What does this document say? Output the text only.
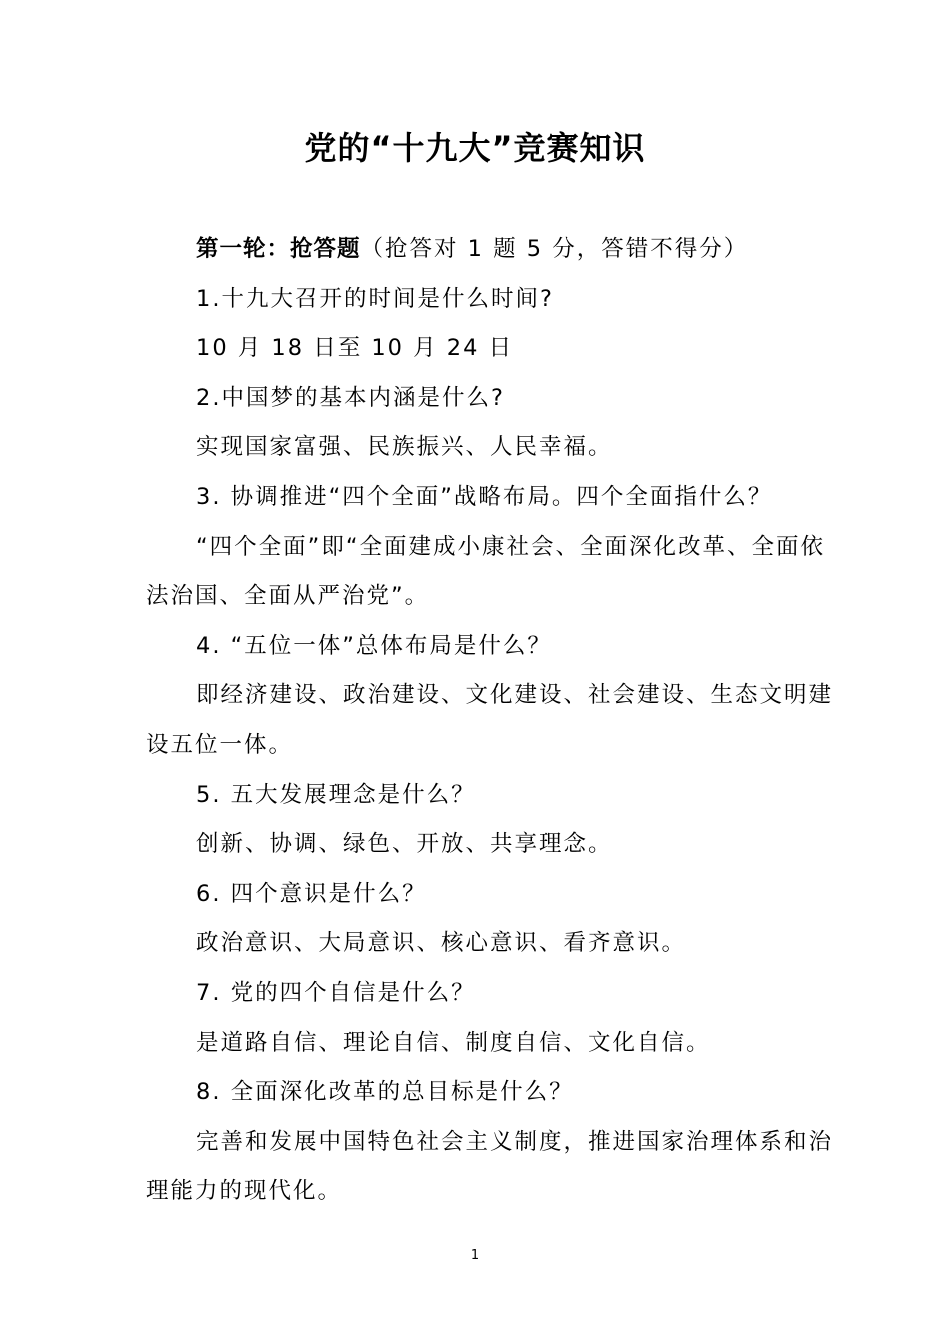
党的“十九大”竞赛知识
第一轮：抢答题（抢答对 1 题 5 分，答错不得分）
1.十九大召开的时间是什么时间?
10 月 18 日至 10 月 24 日
2.中国梦的基本内涵是什么?
实现国家富强、民族振兴、人民幸福。
3. 协调推进“四个全面”战略布局。四个全面指什么？
“四个全面”即“全面建成小康社会、全面深化改革、全面依法治国、全面从严治党”。
4. “五位一体”总体布局是什么？
即经济建设、政治建设、文化建设、社会建设、生态文明建设五位一体。
5. 五大发展理念是什么？
创新、协调、绿色、开放、共享理念。
6. 四个意识是什么？
政治意识、大局意识、核心意识、看齐意识。
7. 党的四个自信是什么？
是道路自信、理论自信、制度自信、文化自信。
8. 全面深化改革的总目标是什么？
完善和发展中国特色社会主义制度，推进国家治理体系和治理能力的现代化。
1
